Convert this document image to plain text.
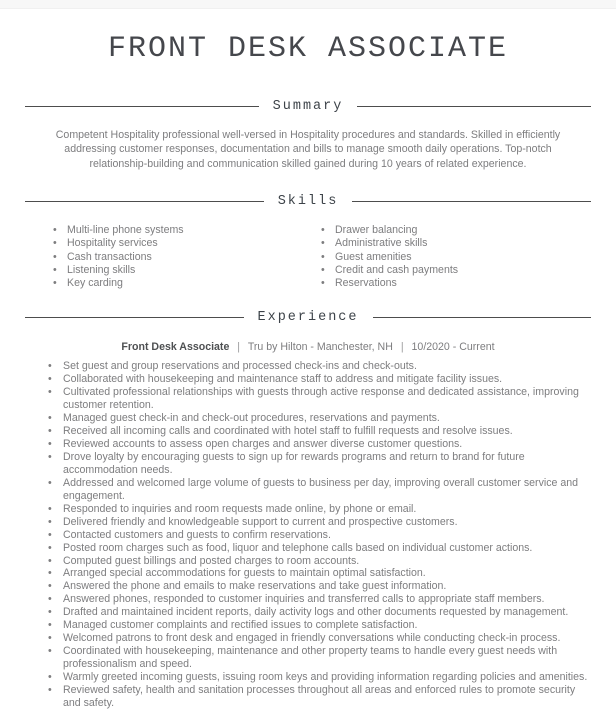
FRONT DESK ASSOCIATE
Summary

Competent Hospitality professional well-versed in Hospitality procedures and standards. Skilled in efficiently addressing customer responses, documentation and bills to manage smooth daily operations. Top-notch relationship-building and communication skilled gained during 10 years of related experience.

Skills
• Multi-line phone systems
• Hospitality services
• Cash transactions
• Listening skills
• Key carding
• Drawer balancing
• Administrative skills
• Guest amenities
• Credit and cash payments
• Reservations
Experience
Front Desk Associate | Tru by Hilton - Manchester, NH | 10/2020 - Current
• Set guest and group reservations and processed check-ins and check-outs.
• Collaborated with housekeeping and maintenance staff to address and mitigate facility issues.
• Cultivated professional relationships with guests through active response and dedicated assistance, improving customer retention.
• Managed guest check-in and check-out procedures, reservations and payments.
• Received all incoming calls and coordinated with hotel staff to fulfill requests and resolve issues.
• Reviewed accounts to assess open charges and answer diverse customer questions.
• Drove loyalty by encouraging guests to sign up for rewards programs and return to brand for future accommodation needs.
• Addressed and welcomed large volume of guests to business per day, improving overall customer service and engagement.
• Responded to inquiries and room requests made online, by phone or email.
• Delivered friendly and knowledgeable support to current and prospective customers.
• Contacted customers and guests to confirm reservations.
• Posted room charges such as food, liquor and telephone calls based on individual customer actions.
• Computed guest billings and posted charges to room accounts.
• Arranged special accommodations for guests to maintain optimal satisfaction.
• Answered the phone and emails to make reservations and take guest information.
• Answered phones, responded to customer inquiries and transferred calls to appropriate staff members.
• Drafted and maintained incident reports, daily activity logs and other documents requested by management.
• Managed customer complaints and rectified issues to complete satisfaction.
• Welcomed patrons to front desk and engaged in friendly conversations while conducting check-in process.
• Coordinated with housekeeping, maintenance and other property teams to handle every guest needs with professionalism and speed.
• Warmly greeted incoming guests, issuing room keys and providing information regarding policies and amenities.
• Reviewed safety, health and sanitation processes throughout all areas and enforced rules to promote security and safety.
